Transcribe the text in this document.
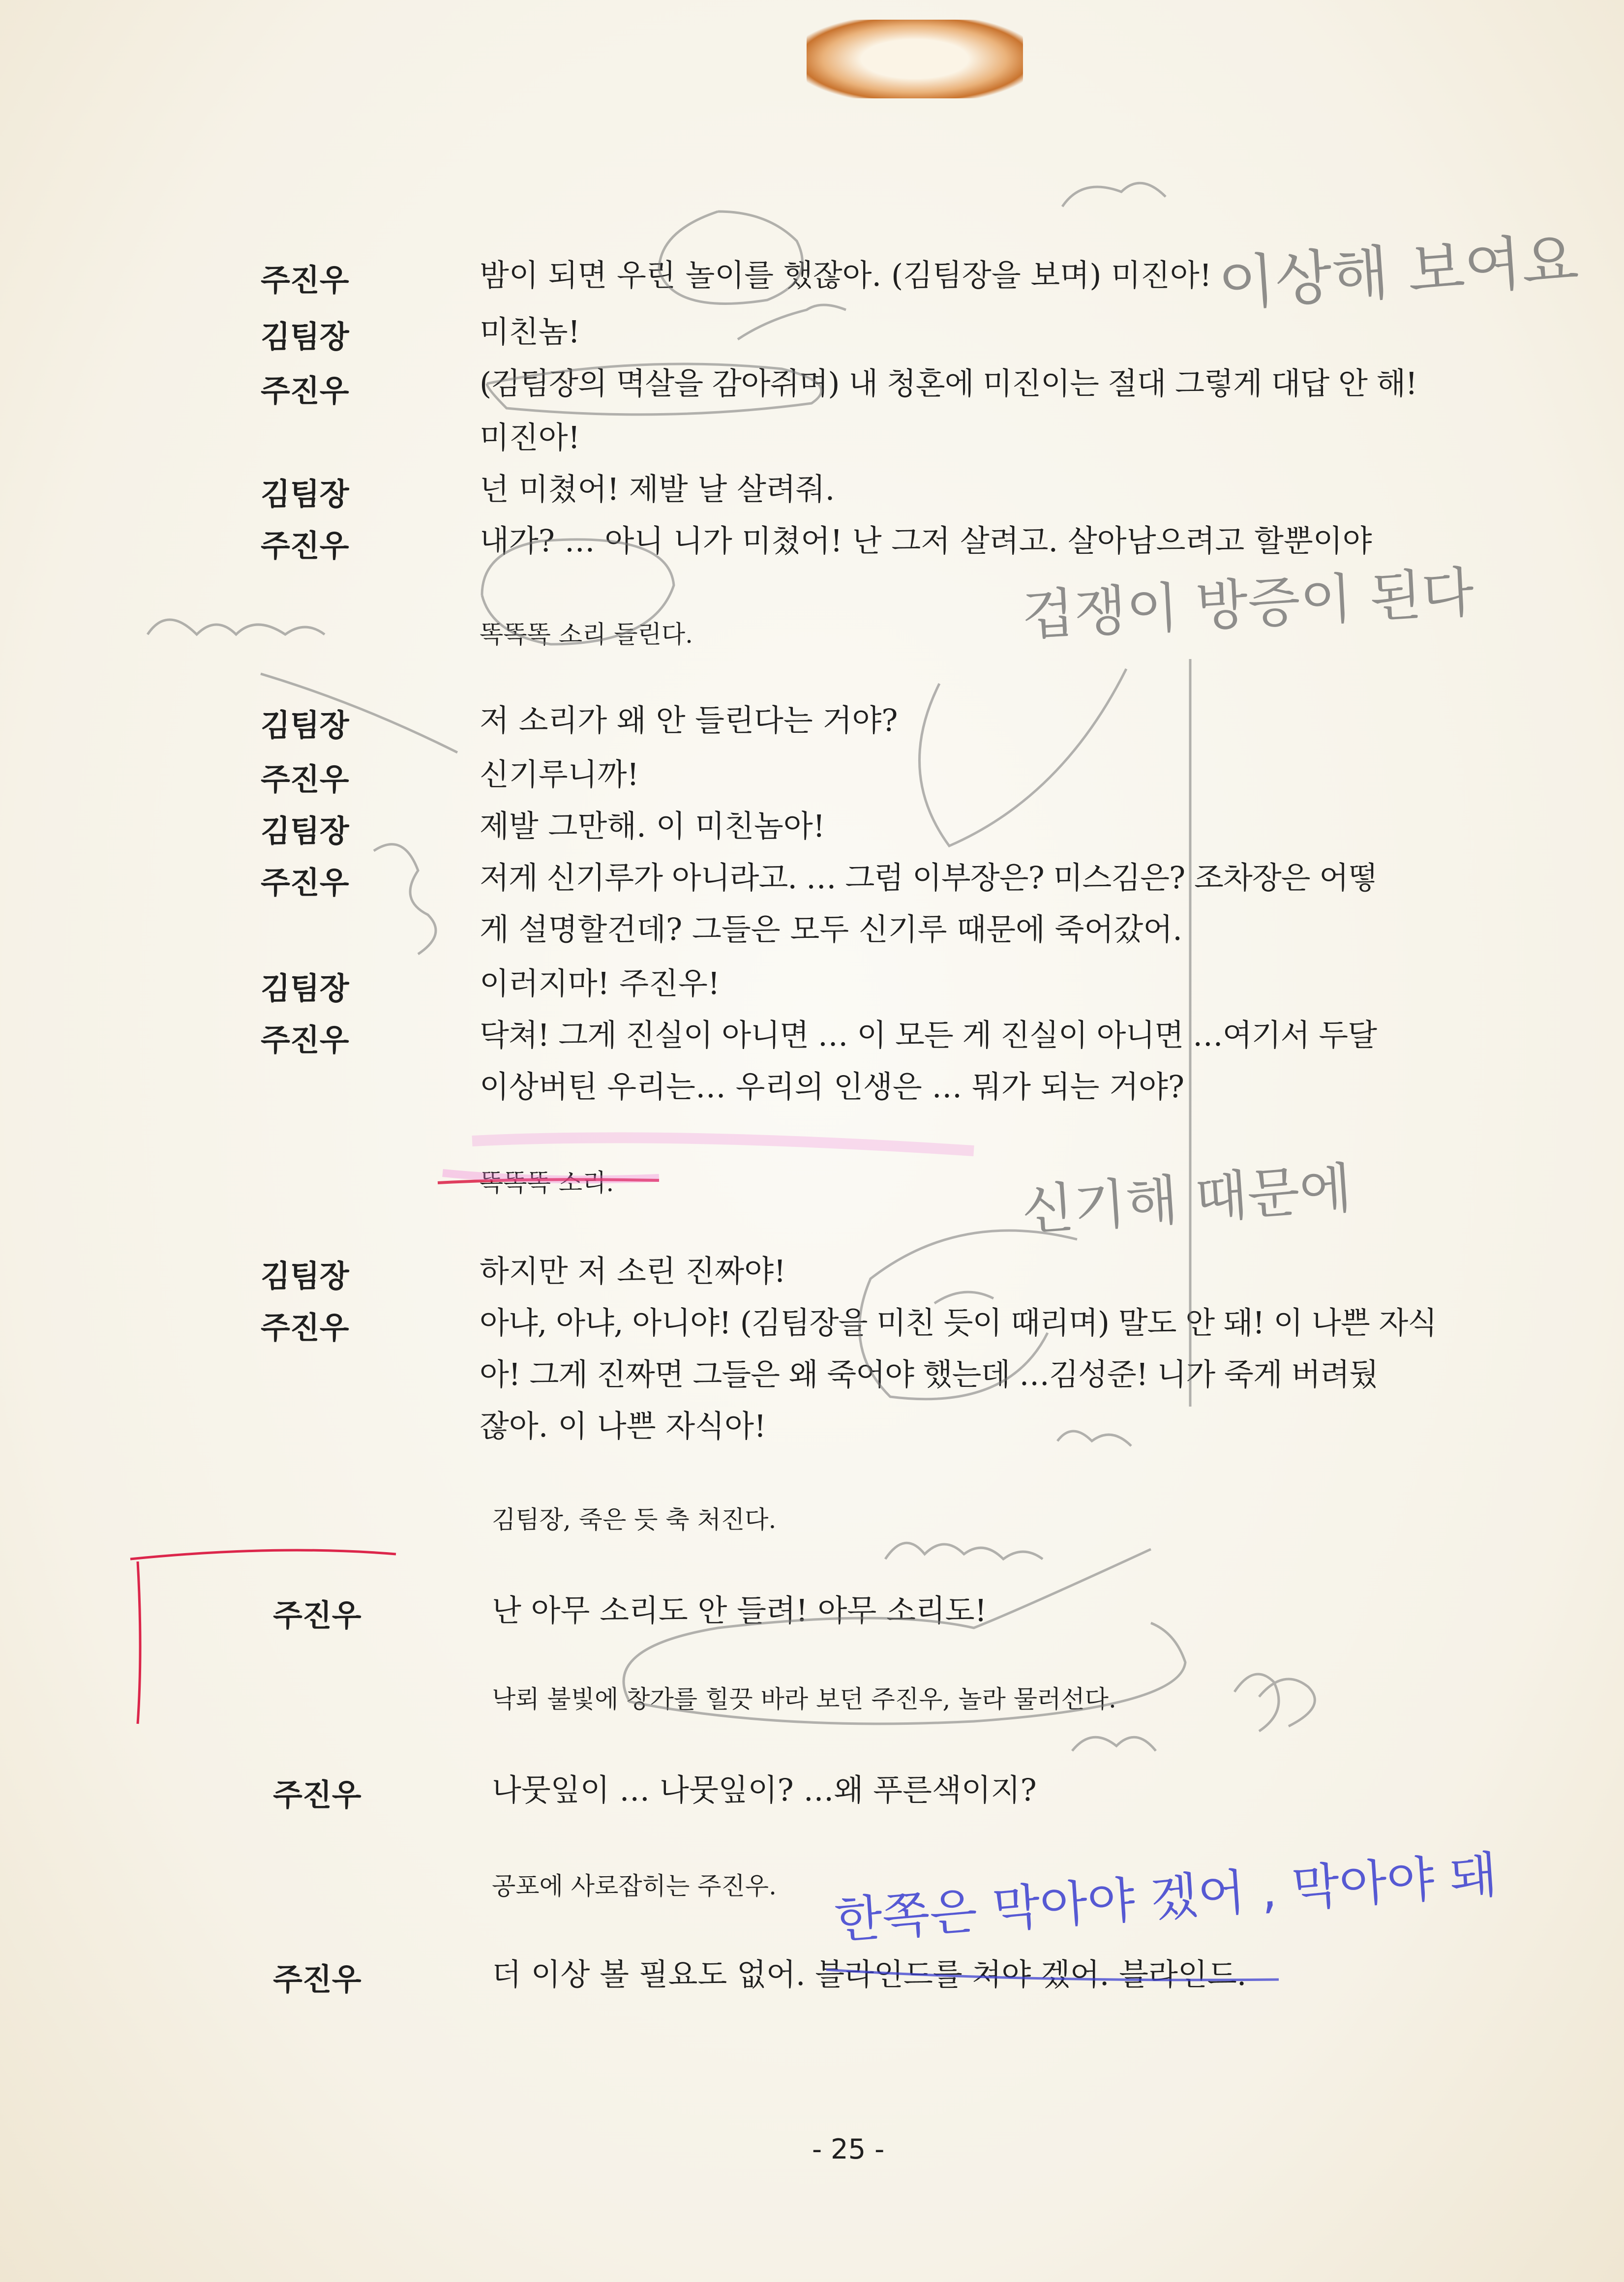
주진우	밤이 되면 우린 놀이를 했잖아. (김팀장을 보며) 미진아!
김팀장	미친놈!
주진우	(김팀장의 멱살을 감아쥐며) 내 청혼에 미진이는 절대 그렇게 대답 안 해!
미진아!
김팀장	넌 미쳤어! 제발 날 살려줘.
주진우	내가? … 아니 니가 미쳤어! 난 그저 살려고. 살아남으려고 할뿐이야
똑똑똑 소리 들린다.
김팀장	저 소리가 왜 안 들린다는 거야?
주진우	신기루니까!
김팀장	제발 그만해. 이 미친놈아!
주진우	저게 신기루가 아니라고. … 그럼 이부장은? 미스김은? 조차장은 어떻
게 설명할건데? 그들은 모두 신기루 때문에 죽어갔어.
김팀장	이러지마! 주진우!
주진우	닥쳐! 그게 진실이 아니면 … 이 모든 게 진실이 아니면 …여기서 두달
이상버틴 우리는… 우리의 인생은 … 뭐가 되는 거야?
똑똑똑 소리.
김팀장	하지만 저 소린 진짜야!
주진우	아냐, 아냐, 아니야! (김팀장을 미친 듯이 때리며) 말도 안 돼! 이 나쁜 자식
아! 그게 진짜면 그들은 왜 죽어야 했는데 …김성준! 니가 죽게 버려뒀
잖아. 이 나쁜 자식아!
김팀장, 죽은 듯 축 처진다.
주진우	난 아무 소리도 안 들려! 아무 소리도!
낙뢰 불빛에 창가를 힐끗 바라 보던 주진우, 놀라 물러선다.
주진우	나뭇잎이 … 나뭇잎이? …왜 푸른색이지?
공포에 사로잡히는 주진우.
주진우	더 이상 볼 필요도 없어. 블라인드를 쳐야 겠어. 블라인드.
- 25 -
이상해 보여요
겁쟁이 방증이 된다
신기해 때문에
한쪽은 막아야 겠어 , 막아야 돼
